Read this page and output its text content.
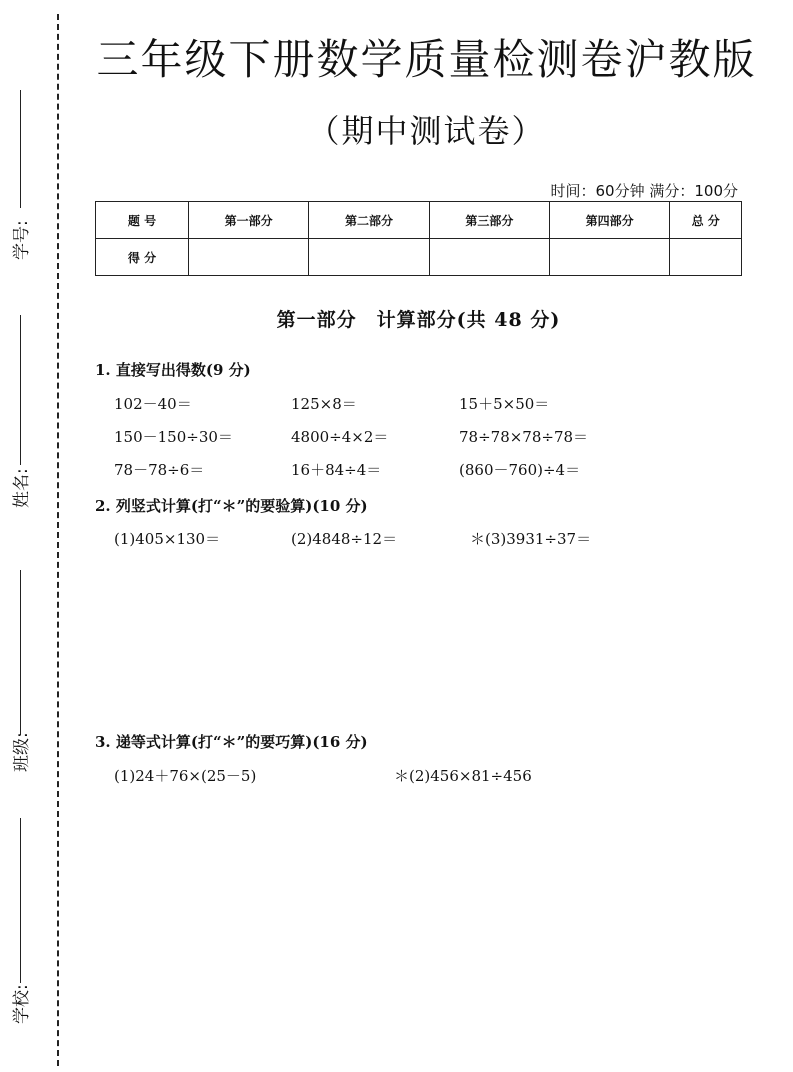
学号:
姓名:
班级:
学校:
三年级下册数学质量检测卷沪教版
（期中测试卷）
时间：60分钟 满分：100分
题 号	第一部分	第二部分	第三部分	第四部分	总 分
得 分					
第一部分　计算部分(共 48 分)
1. 直接写出得数(9 分)
102－40＝	125×8＝	15＋5×50＝
150－150÷30＝	4800÷4×2＝	78÷78×78÷78＝
78－78÷6＝	16＋84÷4＝	(860－760)÷4＝
2. 列竖式计算(打“＊”的要验算)(10 分)
(1)405×130＝	(2)4848÷12＝	＊(3)3931÷37＝
3. 递等式计算(打“＊”的要巧算)(16 分)
(1)24＋76×(25－5)	＊(2)456×81÷456
